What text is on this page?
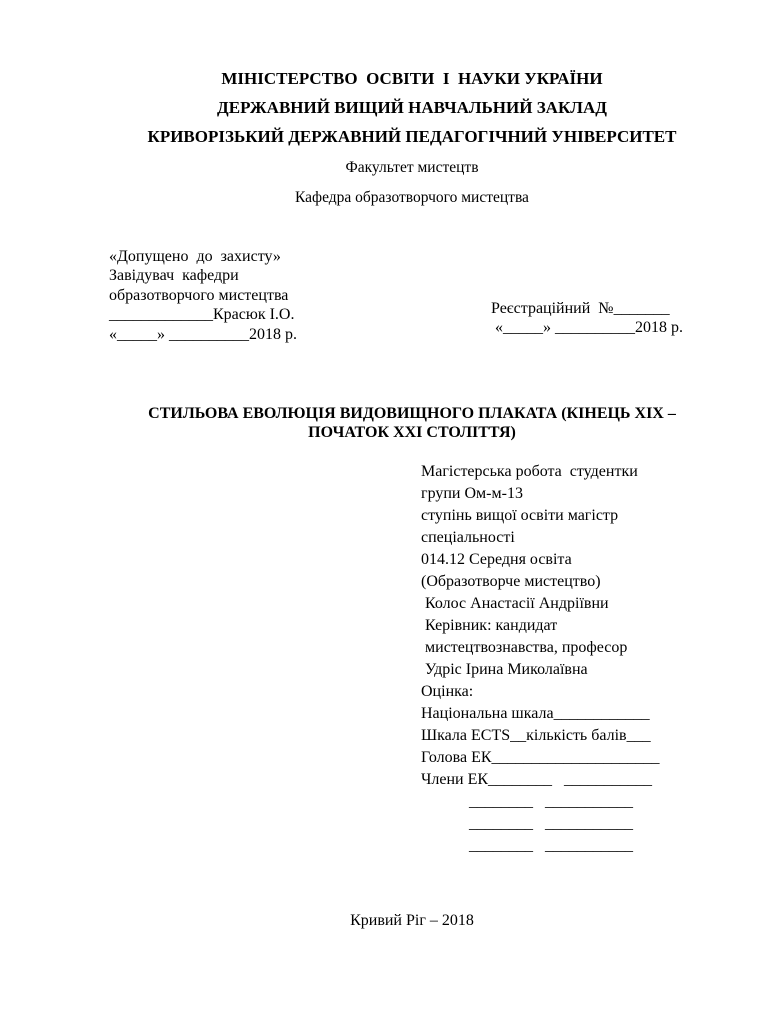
МІНІСТЕРСТВО  ОСВІТИ  І  НАУКИ УКРАЇНИ
ДЕРЖАВНИЙ ВИЩИЙ НАВЧАЛЬНИЙ ЗАКЛАД
КРИВОРІЗЬКИЙ ДЕРЖАВНИЙ ПЕДАГОГІЧНИЙ УНІВЕРСИТЕТ
Факультет мистецтв
Кафедра образотворчого мистецтва
«Допущено  до  захисту»
Завідувач  кафедри
образотворчого мистецтва
_____________Красюк І.О.
«_____» __________2018 р.
Реєстраційний  №_______
«_____» __________2018 р.
СТИЛЬОВА ЕВОЛЮЦІЯ ВИДОВИЩНОГО ПЛАКАТА (КІНЕЦЬ ХІХ –
ПОЧАТОК ХХІ СТОЛІТТЯ)
Магістерська робота  студентки
групи Ом-м-13
ступінь вищої освіти магістр
спеціальності
014.12 Середня освіта
(Образотворче мистецтво)
Колос Анастасії Андріївни
Керівник: кандидат
мистецтвознавства, професор
Удріс Ірина Миколаївна
Оцінка:
Національна шкала____________
Шкала ECTS__кількість балів___
Голова ЕК_____________________
Члени ЕК________   ___________
________   ___________
________   ___________
________   ___________
Кривий Ріг – 2018
